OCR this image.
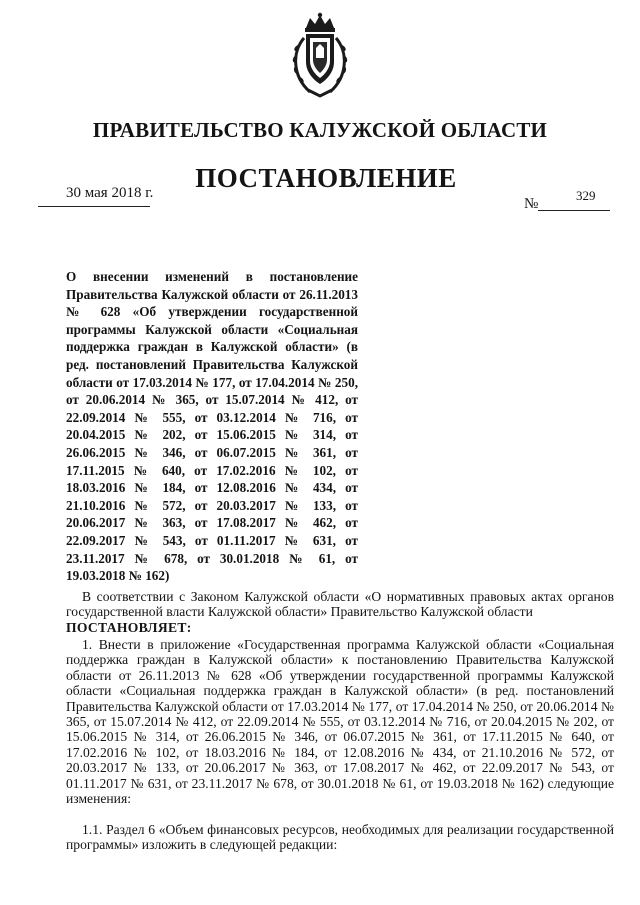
ПРАВИТЕЛЬСТВО КАЛУЖСКОЙ ОБЛАСТИ
ПОСТАНОВЛЕНИЕ
30 мая 2018 г.
№
329
О внесении изменений в постановление Правительства Калужской области от 26.11.2013 № 628 «Об утверждении государственной программы Калужской области «Социальная поддержка граждан в Калужской области» (в ред. постановлений Правительства Калужской области от 17.03.2014 № 177, от 17.04.2014 № 250, от 20.06.2014 № 365, от 15.07.2014 № 412, от 22.09.2014 № 555, от 03.12.2014 № 716, от 20.04.2015 № 202, от 15.06.2015 № 314, от 26.06.2015 № 346, от 06.07.2015 № 361, от 17.11.2015 № 640, от 17.02.2016 № 102, от 18.03.2016 № 184, от 12.08.2016 № 434, от 21.10.2016 № 572, от 20.03.2017 № 133, от 20.06.2017 № 363, от 17.08.2017 № 462, от 22.09.2017 № 543, от 01.11.2017 № 631, от 23.11.2017 № 678, от 30.01.2018 № 61, от 19.03.2018 № 162)
В соответствии с Законом Калужской области «О нормативных правовых актах органов государственной власти Калужской области» Правительство Калужской области
ПОСТАНОВЛЯЕТ:
1. Внести в приложение «Государственная программа Калужской области «Социальная поддержка граждан в Калужской области» к постановлению Правительства Калужской области от 26.11.2013 № 628 «Об утверждении государственной программы Калужской области «Социальная поддержка граждан в Калужской области» (в ред. постановлений Правительства Калужской области от 17.03.2014 № 177, от 17.04.2014 № 250, от 20.06.2014 № 365, от 15.07.2014 № 412, от 22.09.2014 № 555, от 03.12.2014 № 716, от 20.04.2015 № 202, от 15.06.2015 № 314, от 26.06.2015 № 346, от 06.07.2015 № 361, от 17.11.2015 № 640, от 17.02.2016 № 102, от 18.03.2016 № 184, от 12.08.2016 № 434, от 21.10.2016 № 572, от 20.03.2017 № 133, от 20.06.2017 № 363, от 17.08.2017 № 462, от 22.09.2017 № 543, от 01.11.2017 № 631, от 23.11.2017 № 678, от 30.01.2018 № 61, от 19.03.2018 № 162) следующие изменения:
1.1. Раздел 6 «Объем финансовых ресурсов, необходимых для реализации государственной программы» изложить в следующей редакции:
